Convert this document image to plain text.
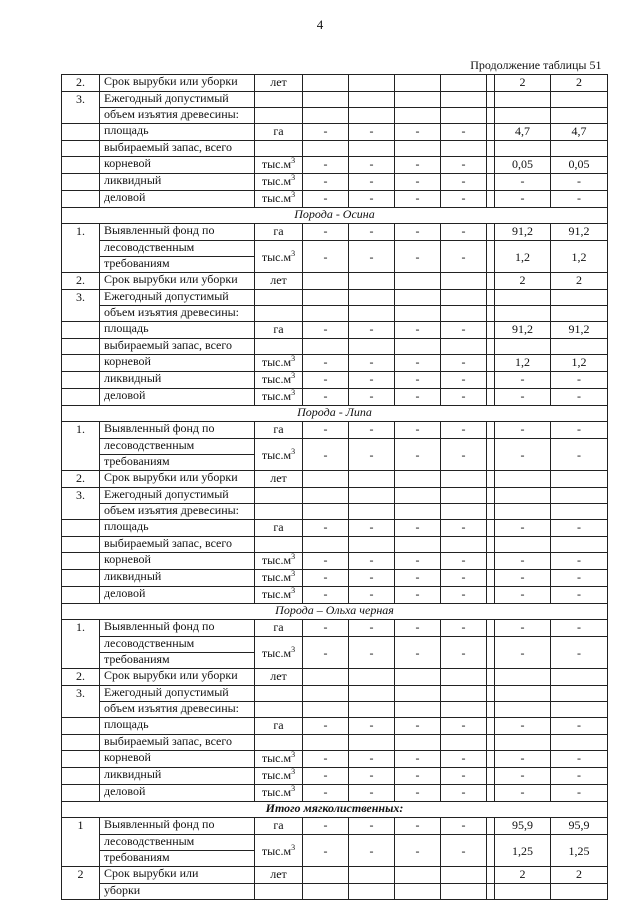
4
Продолжение таблицы 51									
2.	Срок вырубки или уборки	лет						2	2
3.	Ежегодный допустимый								
	объем изъятия древесины:								
	площадь	га	-	-	-	-		4,7	4,7
	выбираемый запас, всего								
	корневой	$тыс.м^3$	-	-	-	-		0,05	0,05
	ликвидный	$тыс.м^3$	-	-	-	-		-	-
	деловой	$тыс.м^3$	-	-	-	-		-	-
Порода - Осина									
1.	Выявленный фонд по	га	-	-	-	-		91,2	91,2
	лесоводственным	$тыс.м^3$	-	-	-	-		1,2	1,2
	требованиям								
2.	Срок вырубки или уборки	лет						2	2
3.	Ежегодный допустимый								
	объем изъятия древесины:								
	площадь	га	-	-	-	-		91,2	91,2
	выбираемый запас, всего								
	корневой	$тыс.м^3$	-	-	-	-		1,2	1,2
	ликвидный	$тыс.м^3$	-	-	-	-		-	-
	деловой	$тыс.м^3$	-	-	-	-		-	-
Порода - Липа									
1.	Выявленный фонд по	га	-	-	-	-		-	-
	лесоводственным	$тыс.м^3$	-	-	-	-		-	-
	требованиям								
2.	Срок вырубки или уборки	лет							
3.	Ежегодный допустимый								
	объем изъятия древесины:								
	площадь	га	-	-	-	-		-	-
	выбираемый запас, всего								
	корневой	$тыс.м^3$	-	-	-	-		-	-
	ликвидный	$тыс.м^3$	-	-	-	-		-	-
	деловой	$тыс.м^3$	-	-	-	-		-	-
Порода – Ольха черная									
1.	Выявленный фонд по	га	-	-	-	-		-	-
	лесоводственным	$тыс.м^3$	-	-	-	-		-	-
	требованиям								
2.	Срок вырубки или уборки	лет							
3.	Ежегодный допустимый								
	объем изъятия древесины:								
	площадь	га	-	-	-	-		-	-
	выбираемый запас, всего								
	корневой	$тыс.м^3$	-	-	-	-		-	-
	ликвидный	$тыс.м^3$	-	-	-	-		-	-
	деловой	$тыс.м^3$	-	-	-	-		-	-
Итого мягколиственных:									
1	Выявленный фонд по	га	-	-	-	-		95,9	95,9
	лесоводственным	$тыс.м^3$	-	-	-	-		1,25	1,25
	требованиям								
2	Срок вырубки или	лет						2	2
	уборки								
